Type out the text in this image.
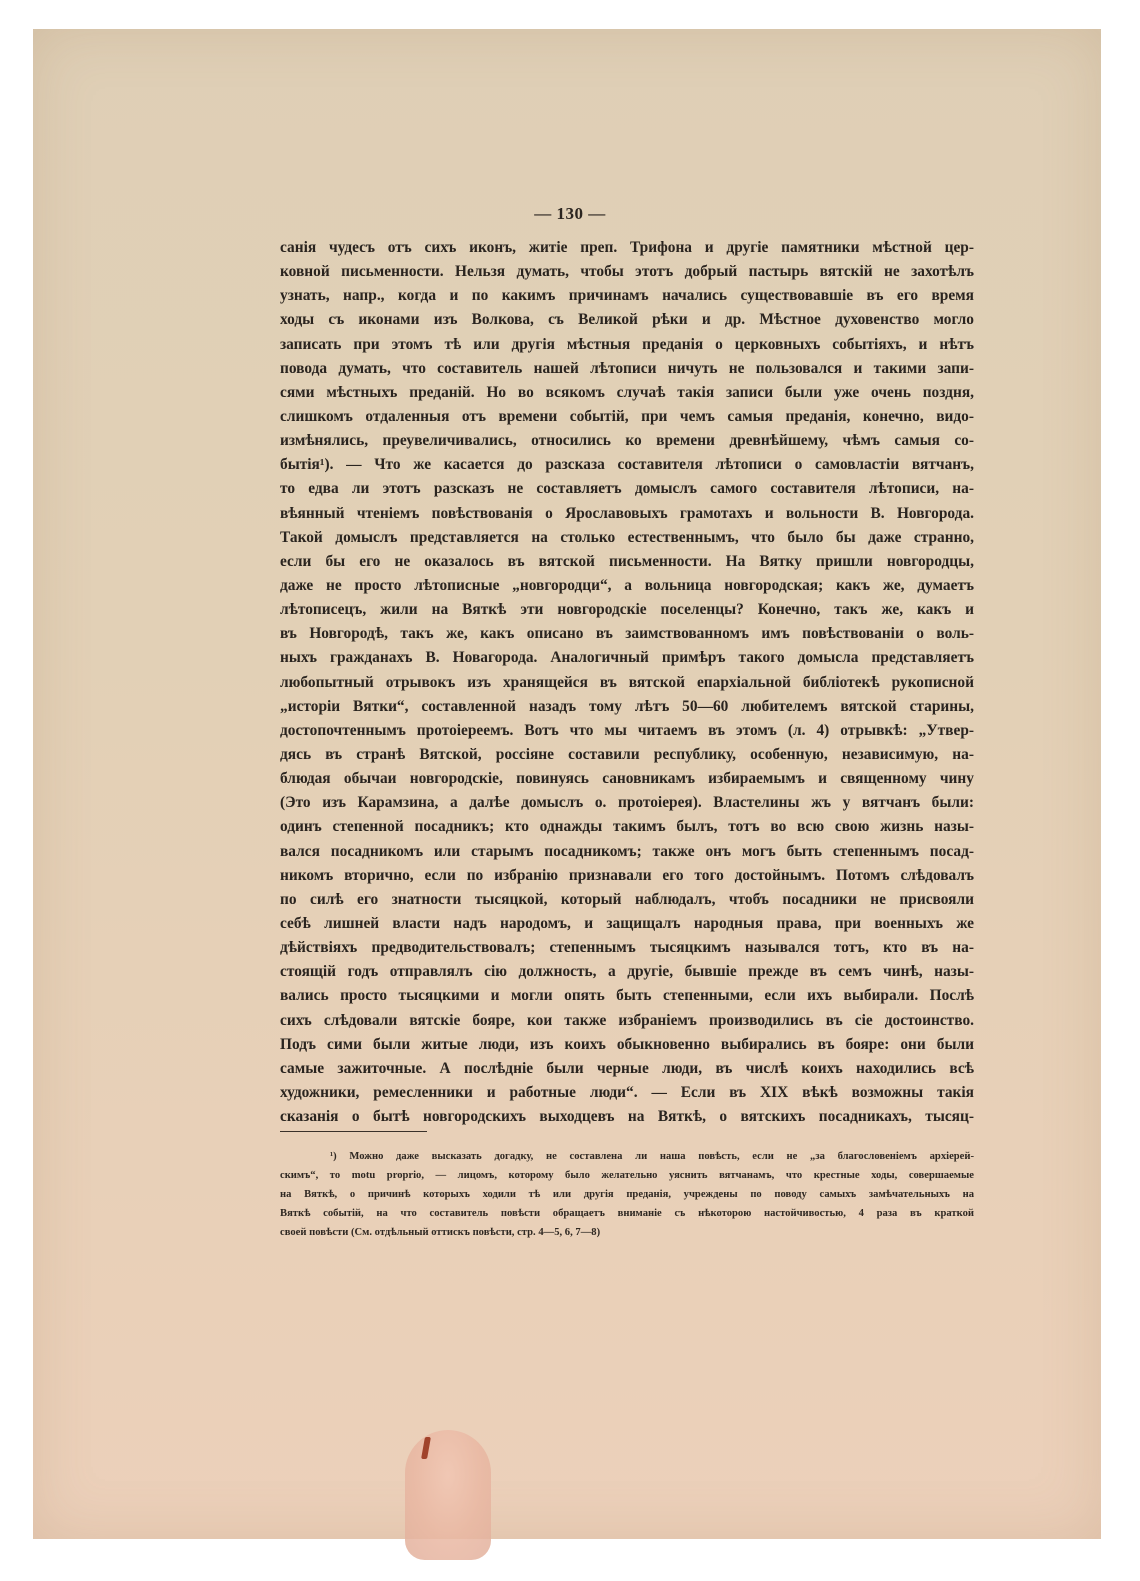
— 130 —
санія чудесъ отъ сихъ иконъ, житіе преп. Трифона и другіе памятники мѣстной цер-
ковной письменности. Нельзя думать, чтобы этотъ добрый пастырь вятскій не захотѣлъ
узнать, напр., когда и по какимъ причинамъ начались существовавшіе въ его время
ходы съ иконами изъ Волкова, съ Великой рѣки и др. Мѣстное духовенство могло
записать при этомъ тѣ или другія мѣстныя преданія о церковныхъ событіяхъ, и нѣтъ
повода думать, что составитель нашей лѣтописи ничуть не пользовался и такими запи-
сями мѣстныхъ преданій. Но во всякомъ случаѣ такія записи были уже очень поздня,
слишкомъ отдаленныя отъ времени событій, при чемъ самыя преданія, конечно, видо-
измѣнялись, преувеличивались, относились ко времени древнѣйшему, чѣмъ самыя со-
бытія¹). — Что же касается до разсказа составителя лѣтописи о самовластіи вятчанъ,
то едва ли этотъ разсказъ не составляетъ домыслъ самого составителя лѣтописи, на-
вѣянный чтеніемъ повѣствованія о Ярославовыхъ грамотахъ и вольности В. Новгорода.
Такой домыслъ представляется на столько естественнымъ, что было бы даже странно,
если бы его не оказалось въ вятской письменности. На Вятку пришли новгородцы,
даже не просто лѣтописные „новгородци“, а вольница новгородская; какъ же, думаетъ
лѣтописецъ, жили на Вяткѣ эти новгородскіе поселенцы? Конечно, такъ же, какъ и
въ Новгородѣ, такъ же, какъ описано въ заимствованномъ имъ повѣствованіи о воль-
ныхъ гражданахъ В. Новагорода. Аналогичный примѣръ такого домысла представляетъ
любопытный отрывокъ изъ хранящейся въ вятской епархіальной библіотекѣ рукописной
„исторіи Вятки“, составленной назадъ тому лѣтъ 50—60 любителемъ вятской старины,
достопочтеннымъ протоіереемъ. Вотъ что мы читаемъ въ этомъ (л. 4) отрывкѣ: „Утвер-
дясь въ странѣ Вятской, россіяне составили республику, особенную, независимую, на-
блюдая обычаи новгородскіе, повинуясь сановникамъ избираемымъ и священному чину
(Это изъ Карамзина, а далѣе домыслъ о. протоіерея). Властелины жъ у вятчанъ были:
одинъ степенной посадникъ; кто однажды такимъ былъ, тотъ во всю свою жизнь назы-
вался посадникомъ или старымъ посадникомъ; также онъ могъ быть степеннымъ посад-
никомъ вторично, если по избранію признавали его того достойнымъ. Потомъ слѣдовалъ
по силѣ его знатности тысяцкой, который наблюдалъ, чтобъ посадники не присвояли
себѣ лишней власти надъ народомъ, и защищалъ народныя права, при военныхъ же
дѣйствіяхъ предводительствовалъ; степеннымъ тысяцкимъ назывался тотъ, кто въ на-
стоящій годъ отправлялъ сію должность, а другіе, бывшіе прежде въ семъ чинѣ, назы-
вались просто тысяцкими и могли опять быть степенными, если ихъ выбирали. Послѣ
сихъ слѣдовали вятскіе бояре, кои также избраніемъ производились въ сіе достоинство.
Подъ сими были житые люди, изъ коихъ обыкновенно выбирались въ бояре: они были
самые зажиточные. А послѣдніе были черные люди, въ числѣ коихъ находились всѣ
художники, ремесленники и работные люди“. — Если въ XIX вѣкѣ возможны такія
сказанія о бытѣ новгородскихъ выходцевъ на Вяткѣ, о вятскихъ посадникахъ, тысяц-
¹) Можно даже высказать догадку, не составлена ли наша повѣсть, если не „за благословеніемъ архіерей-
скимъ“, то motu proprio, — лицомъ, которому было желательно уяснить вятчанамъ, что крестные ходы, совершаемые
на Вяткѣ, о причинѣ которыхъ ходили тѣ или другія преданія, учреждены по поводу самыхъ замѣчательныхъ на
Вяткѣ событій, на что составитель повѣсти обращаетъ вниманіе съ нѣкоторою настойчивостью, 4 раза въ краткой
своей повѣсти (См. отдѣльный оттискъ повѣсти, стр. 4—5, 6, 7—8)
